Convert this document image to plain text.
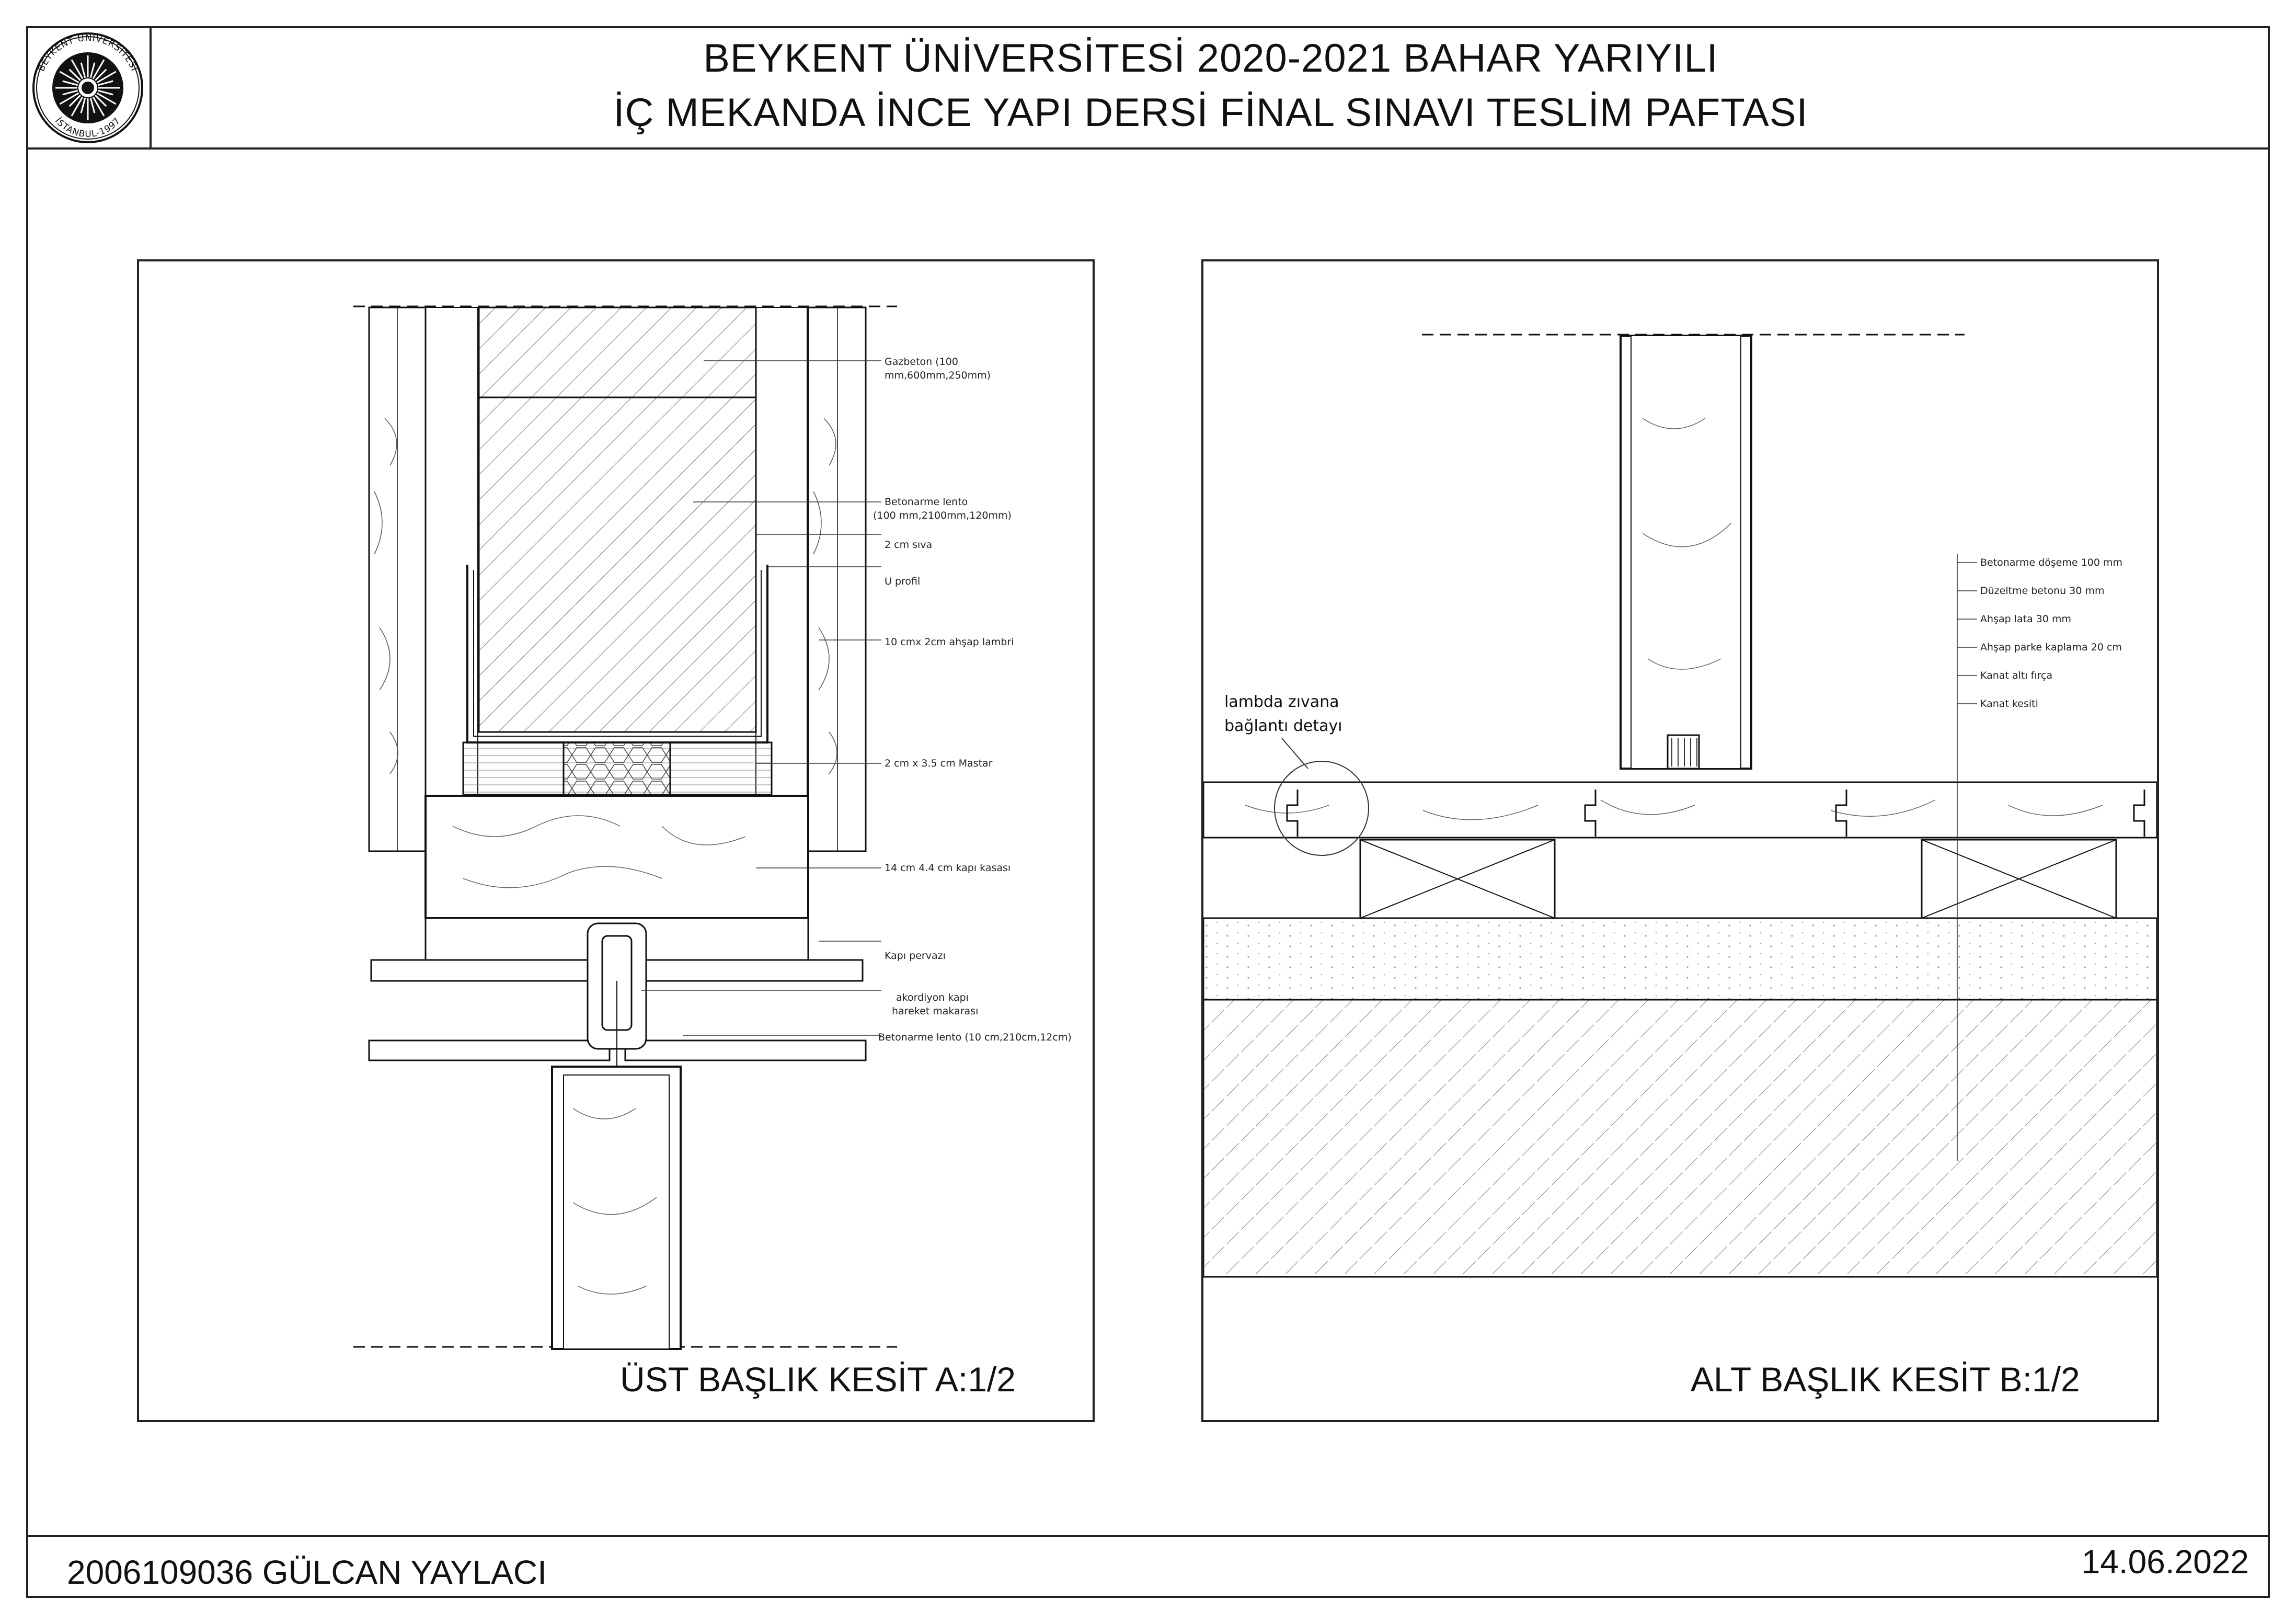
BEYKENT ÜNİVERSİTESİ
İSTANBUL-1997
BEYKENT ÜNİVERSİTESİ 2020-2021 BAHAR YARIYILI
İÇ MEKANDA İNCE YAPI DERSİ FİNAL SINAVI TESLİM PAFTASI
Gazbeton (100
mm,600mm,250mm)
Betonarme lento
(100 mm,2100mm,120mm)
2 cm sıva
U profil
10 cmx 2cm ahşap lambri
2 cm x 3.5 cm Mastar
14 cm 4.4 cm kapı kasası
Kapı pervazı
akordiyon kapı
hareket makarası
Betonarme lento (10 cm,210cm,12cm)
ÜST BAŞLIK KESİT A:1/2
Betonarme döşeme 100 mm
Düzeltme betonu 30 mm
Ahşap lata 30 mm
Ahşap parke kaplama 20 cm
Kanat altı fırça
Kanat kesiti
lambda zıvana
bağlantı detayı
ALT BAŞLIK KESİT B:1/2
2006109036 GÜLCAN YAYLACI	14.06.2022
